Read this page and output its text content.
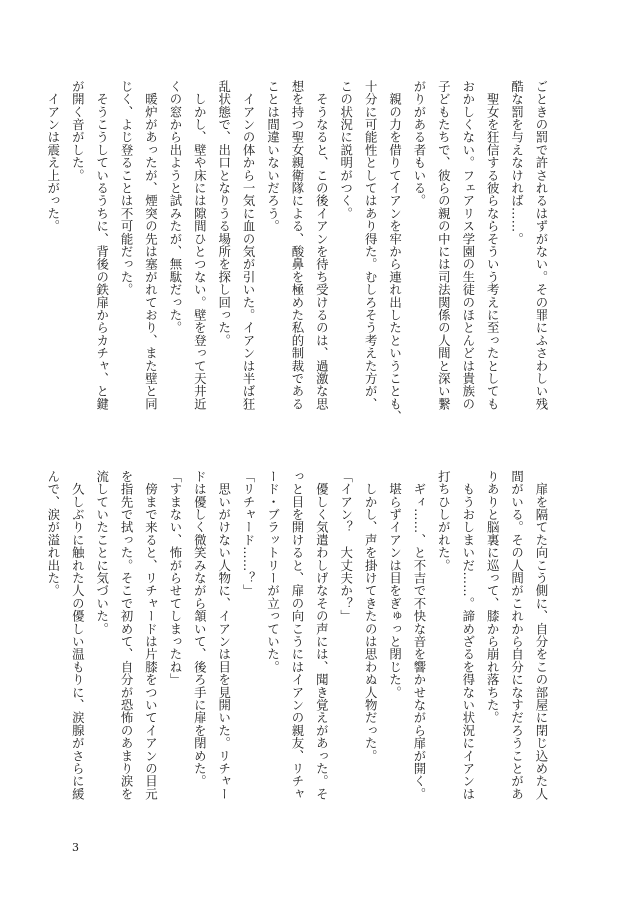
ごときの罰で許されるはずがない。その罪にふさわしい残

酷な罰を与えなければ……。

　聖女を狂信する彼らならそういう考えに至ったとしても

おかしくない。フェアリス学園の生徒のほとんどは貴族の

子どもたちで、彼らの親の中には司法関係の人間と深い繋

がりがある者もいる。

　親の力を借りてイアンを牢から連れ出したということも、

十分に可能性としてはあり得た。むしろそう考えた方が、

この状況に説明がつく。

　そうなると、この後イアンを待ち受けるのは、過激な思

想を持つ聖女親衛隊による、酸鼻を極めた私的制裁である

ことは間違いないだろう。

　イアンの体から一気に血の気が引いた。イアンは半ば狂

乱状態で、出口となりうる場所を探し回った。

　しかし、壁や床には隙間ひとつない。壁を登って天井近

くの窓から出ようと試みたが、無駄だった。

　暖炉があったが、煙突の先は塞がれており、また壁と同

じく、よじ登ることは不可能だった。

　そうこうしているうちに、背後の鉄扉からカチャ、と鍵

が開く音がした。

　イアンは震え上がった。

　扉を隔てた向こう側に、自分をこの部屋に閉じ込めた人

間がいる。その人間がこれから自分になすだろうことがあ

りありと脳裏に巡って、膝から崩れ落ちた。

　もうおしまいだ……。諦めざるを得ない状況にイアンは

打ちひしがれた。

　ギィ……、と不吉で不快な音を響かせながら扉が開く。

　堪らずイアンは目をぎゅっと閉じた。

　しかし、声を掛けてきたのは思わぬ人物だった。

「イアン？　大丈夫か？」

　優しく気遣わしげなその声には、聞き覚えがあった。そ

っと目を開けると、扉の向こうにはイアンの親友、リチャ

ード・ブラットリーが立っていた。

「リチャード……？」

　思いがけない人物に、イアンは目を見開いた。リチャー

ドは優しく微笑みながら頷いて、後ろ手に扉を閉めた。

「すまない、怖がらせてしまったね」

　傍まで来ると、リチャードは片膝をついてイアンの目元

を指先で拭った。そこで初めて、自分が恐怖のあまり涙を

流していたことに気づいた。

　久しぶりに触れた人の優しい温もりに、涙腺がさらに緩

んで、涙が溢れ出た。

3
